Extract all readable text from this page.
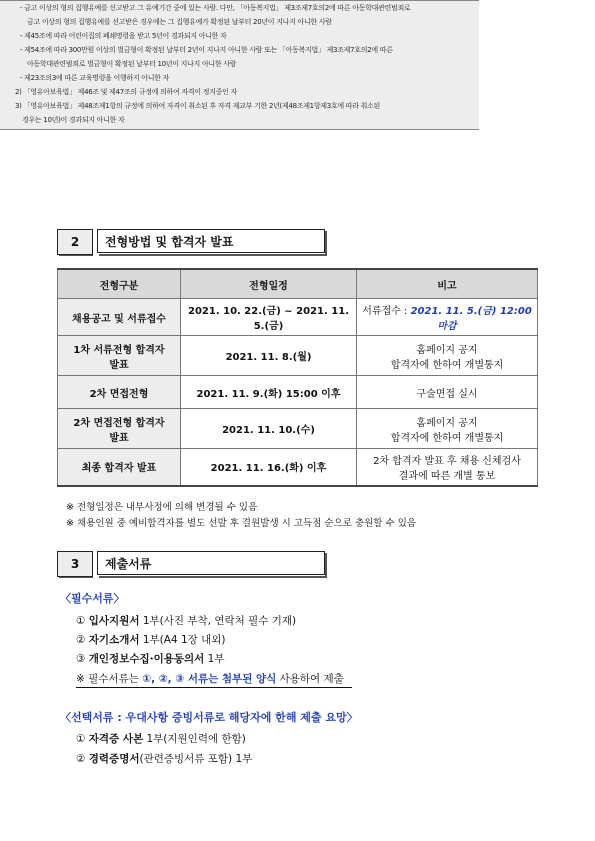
- 금고 이상의 형의 집행유예를 선고받고 그 유예기간 중에 있는 사람. 다만, 「아동복지법」 제3조제7호의2에 따른 아동학대관련범죄로
금고 이상의 형의 집행유예를 선고받은 경우에는 그 집행유예가 확정된 날부터 20년이 지나지 아니한 사람
- 제45조에 따라 어린이집의 폐쇄명령을 받고 5년이 경과되지 아니한 자
- 제54조에 따라 300만원 이상의 벌금형이 확정된 날부터 2년이 지나지 아니한 사람 또는 「아동복지법」 제3조제7호의2에 따른
아동학대관련범죄로 벌금형이 확정된 날부터 10년이 지나지 아니한 사람
- 제23조의3에 따른 교육명령을 이행하지 아니한 자
2) 「영유아보육법」 제46조 및 제47조의 규정에 의하여 자격이 정지중인 자
3) 「영유아보육법」 제48조제1항의 규정에 의하여 자격이 취소된 후 자격 재교부 기한 2년(제48조제1항제3호에 따라 취소된
경우는 10년)이 경과되지 아니한 자
2	전형방법 및 합격자 발표
전형구분	전형일정	비고
채용공고 및 서류접수	2021. 10. 22.(금) ~ 2021. 11. 5.(금)	서류접수 : 2021. 11. 5.(금) 12:00 마감
1차 서류전형 합격자
발표	2021. 11. 8.(월)	홈페이지 공지
합격자에 한하여 개별통지
2차 면접전형	2021. 11. 9.(화) 15:00 이후	구술면접 실시
2차 면접전형 합격자
발표	2021. 11. 10.(수)	홈페이지 공지
합격자에 한하여 개별통지
최종 합격자 발표	2021. 11. 16.(화) 이후	2차 합격자 발표 후 채용 신체검사
결과에 따른 개별 통보
※ 전형일정은 내부사정에 의해 변경될 수 있음
※ 채용인원 중 예비합격자를 별도 선발 후 결원발생 시 고득점 순으로 충원할 수 있음
3	제출서류
〈필수서류〉
① 입사지원서 1부(사진 부착, 연락처 필수 기재)
② 자기소개서 1부(A4 1장 내외)
③ 개인정보수집·이용동의서 1부
※ 필수서류는 ①, ②, ③ 서류는 첨부된 양식 사용하여 제출
〈선택서류 : 우대사항 증빙서류로 해당자에 한해 제출 요망〉
① 자격증 사본 1부(지원인력에 한함)
② 경력증명서(관련증빙서류 포함) 1부
